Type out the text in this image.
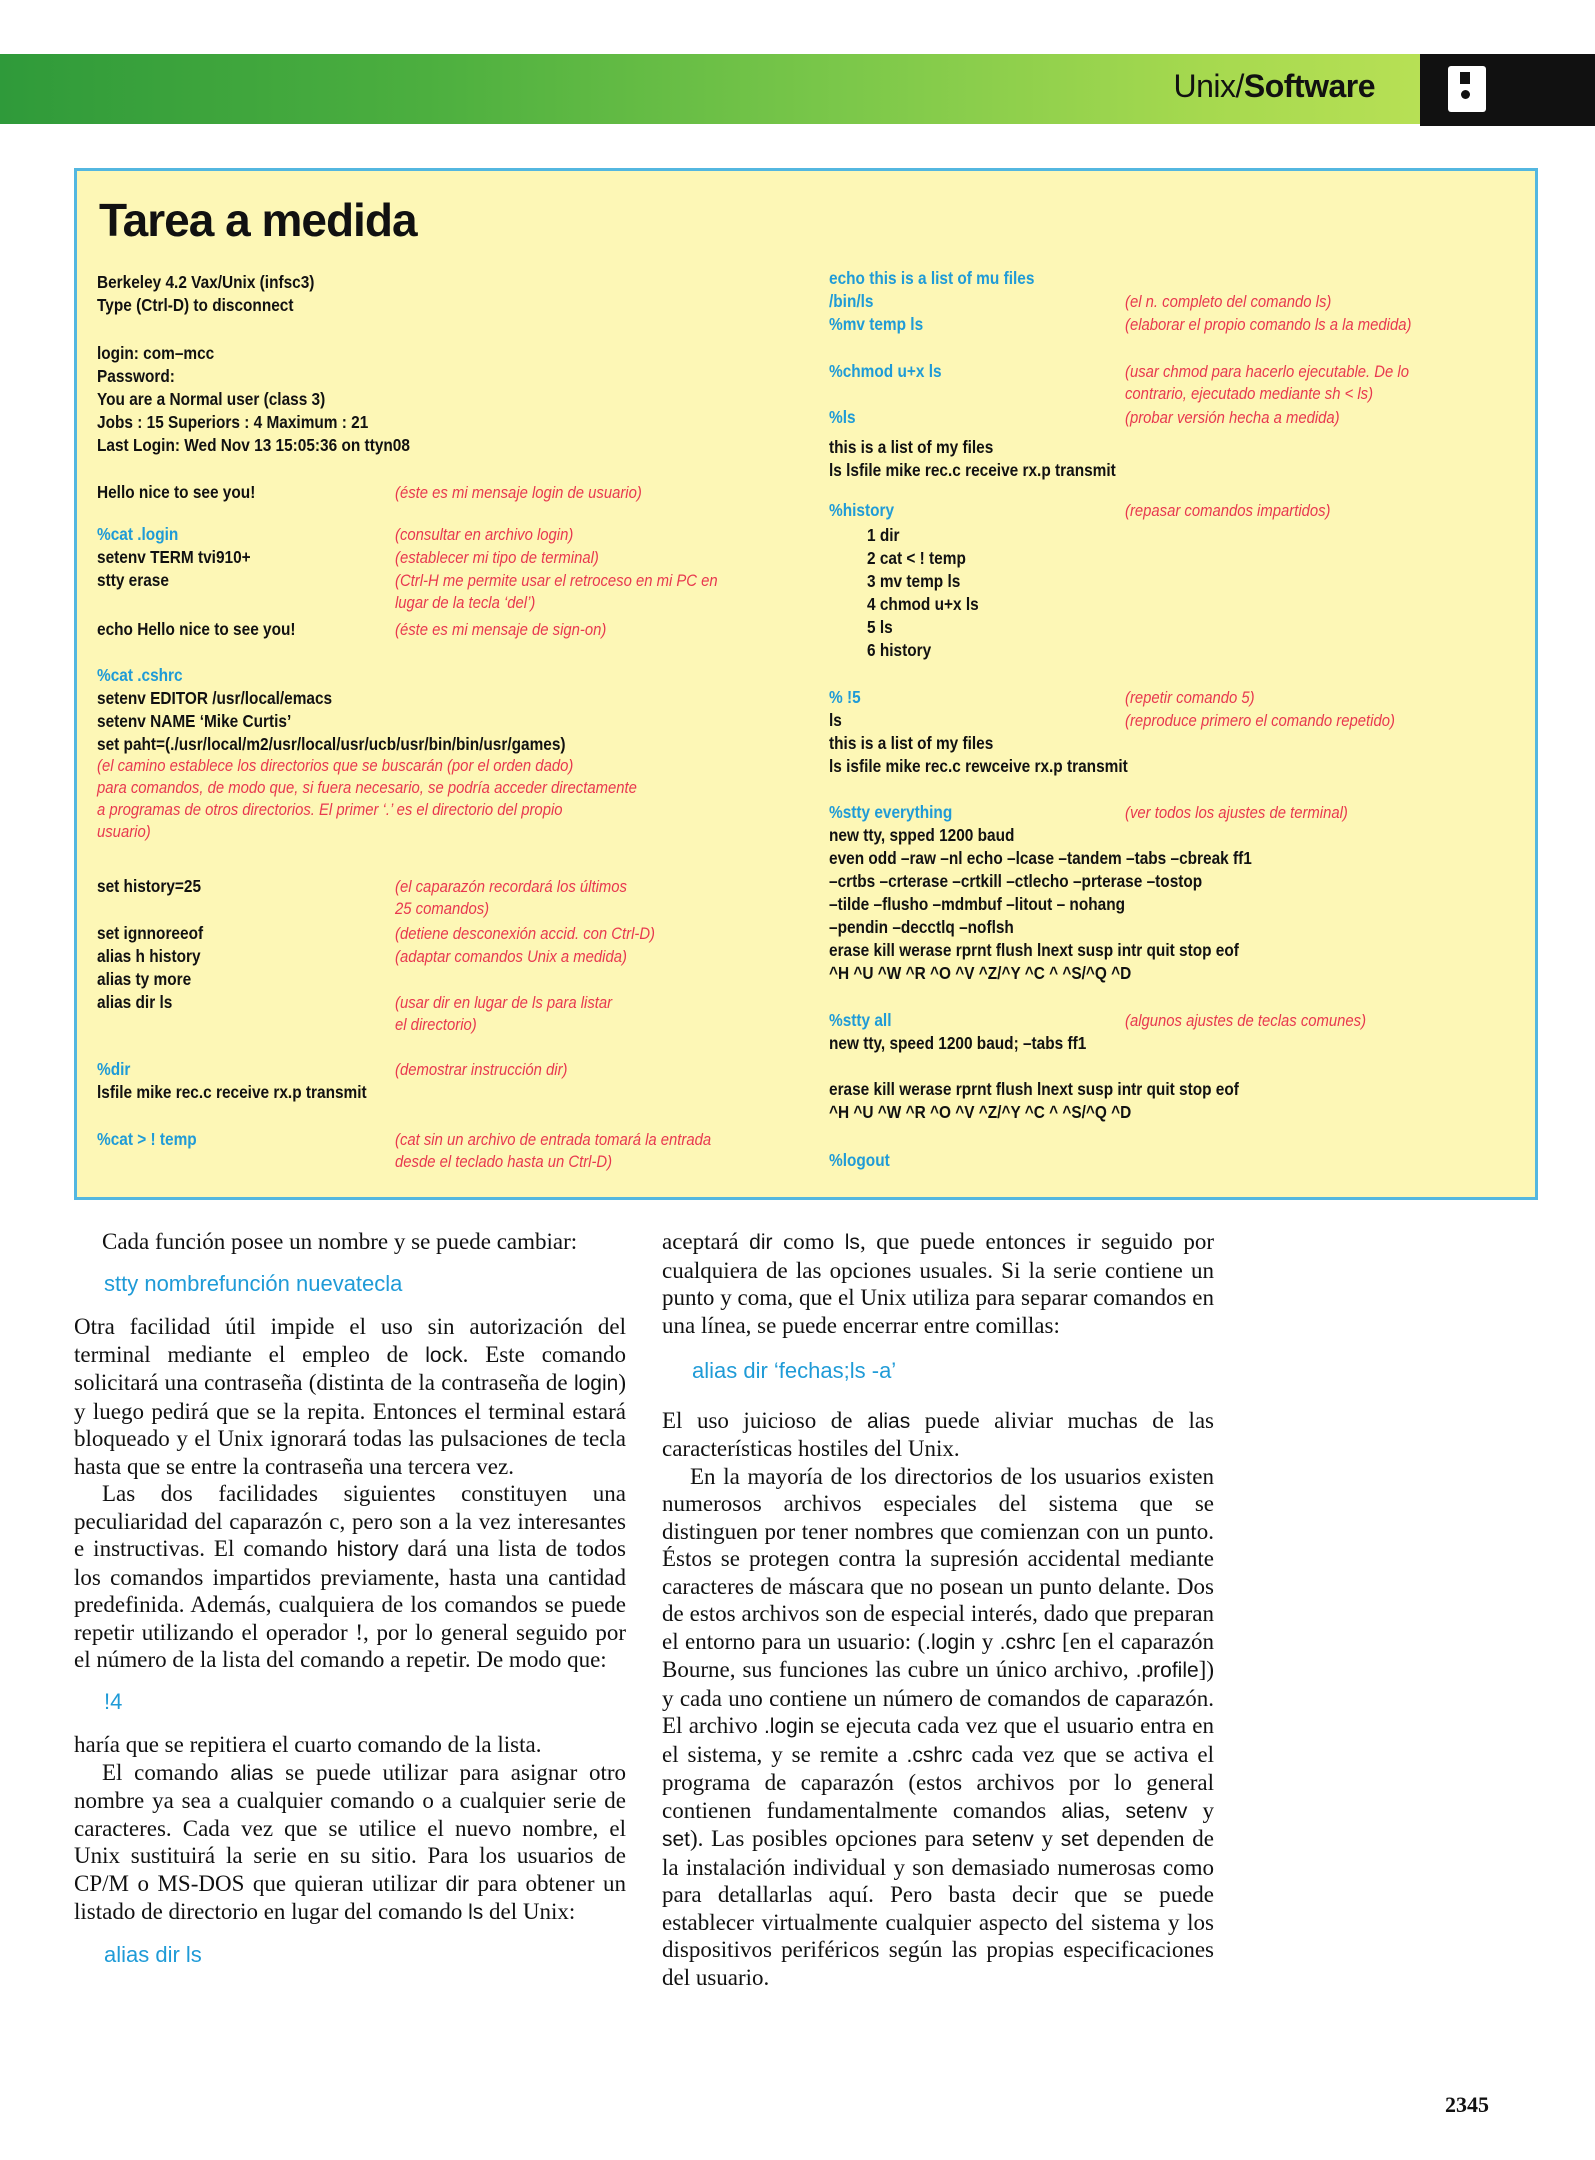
Unix/Software
Tarea a medida
Berkeley 4.2 Vax/Unix (infsc3)
Type (Ctrl-D) to disconnect
login: com–mcc
Password:
You are a Normal user (class 3)
Jobs : 15 Superiors : 4 Maximum : 21
Last Login: Wed Nov 13 15:05:36 on ttyn08
Hello nice to see you!	(éste es mi mensaje login de usuario)
%cat .login	(consultar en archivo login)
setenv TERM tvi910+	(establecer mi tipo de terminal)
stty erase	(Ctrl-H me permite usar el retroceso en mi PC en
lugar de la tecla ‘del’)
echo Hello nice to see you!	(éste es mi mensaje de sign-on)
%cat .cshrc
setenv EDITOR /usr/local/emacs
setenv NAME ‘Mike Curtis’
set paht=(./usr/local/m2/usr/local/usr/ucb/usr/bin/bin/usr/games)
(el camino establece los directorios que se buscarán (por el orden dado)
para comandos, de modo que, si fuera necesario, se podría acceder directamente
a programas de otros directorios. El primer ‘.’ es el directorio del propio
usuario)
set history=25	(el caparazón recordará los últimos
25 comandos)
set ignnoreeof	(detiene desconexión accid. con Ctrl-D)
alias h history	(adaptar comandos Unix a medida)
alias ty more
alias dir ls	(usar dir en lugar de ls para listar
el directorio)
%dir	(demostrar instrucción dir)
lsfile mike rec.c receive rx.p transmit
%cat > ! temp	(cat sin un archivo de entrada tomará la entrada
desde el teclado hasta un Ctrl-D)
echo this is a list of mu files
/bin/ls	(el n. completo del comando ls)
%mv temp ls	(elaborar el propio comando ls a la medida)
%chmod u+x ls	(usar chmod para hacerlo ejecutable. De lo
contrario, ejecutado mediante sh < ls)
%ls	(probar versión hecha a medida)
this is a list of my files
ls lsfile mike rec.c receive rx.p transmit
%history	(repasar comandos impartidos)
1 dir
2 cat < ! temp
3 mv temp ls
4 chmod u+x ls
5 ls
6 history
% !5	(repetir comando 5)
ls	(reproduce primero el comando repetido)
this is a list of my files
ls isfile mike rec.c rewceive rx.p transmit
%stty everything	(ver todos los ajustes de terminal)
new tty, spped 1200 baud
even odd –raw –nl echo –lcase –tandem –tabs –cbreak ff1
–crtbs –crterase –crtkill –ctlecho –prterase –tostop
–tilde –flusho –mdmbuf –litout – nohang
–pendin –decctlq –noflsh
erase kill werase rprnt flush lnext susp intr quit stop eof
^H ^U ^W ^R ^O ^V ^Z/^Y ^C ^ ^S/^Q ^D
%stty all	(algunos ajustes de teclas comunes)
new tty, speed 1200 baud; –tabs ff1
erase kill werase rprnt flush lnext susp intr quit stop eof
^H ^U ^W ^R ^O ^V ^Z/^Y ^C ^ ^S/^Q ^D
%logout

Cada función posee un nombre y se puede cambiar:

stty nombrefunción nuevatecla

Otra facilidad útil impide el uso sin autorización del terminal mediante el empleo de lock. Este comando solicitará una contraseña (distinta de la contraseña de login) y luego pedirá que se la repita. Entonces el terminal estará bloqueado y el Unix ignorará todas las pulsaciones de tecla hasta que se entre la contraseña una tercera vez.

Las dos facilidades siguientes constituyen una peculiaridad del caparazón c, pero son a la vez interesantes e instructivas. El comando history dará una lista de todos los comandos impartidos previamente, hasta una cantidad predefinida. Además, cualquiera de los comandos se puede repetir utilizando el operador !, por lo general seguido por el número de la lista del comando a repetir. De modo que:

!4

haría que se repitiera el cuarto comando de la lista.

El comando alias se puede utilizar para asignar otro nombre ya sea a cualquier comando o a cualquier serie de caracteres. Cada vez que se utilice el nuevo nombre, el Unix sustituirá la serie en su sitio. Para los usuarios de CP/M o MS-DOS que quieran utilizar dir para obtener un listado de directorio en lugar del comando ls del Unix:

alias dir ls

aceptará dir como ls, que puede entonces ir seguido por cualquiera de las opciones usuales. Si la serie contiene un punto y coma, que el Unix utiliza para separar comandos en una línea, se puede encerrar entre comillas:

alias dir ‘fechas;ls -a’

El uso juicioso de alias puede aliviar muchas de las características hostiles del Unix.

En la mayoría de los directorios de los usuarios existen numerosos archivos especiales del sistema que se distinguen por tener nombres que comienzan con un punto. Éstos se protegen contra la supresión accidental mediante caracteres de máscara que no posean un punto delante. Dos de estos archivos son de especial interés, dado que preparan el entorno para un usuario: (.login y .cshrc [en el caparazón Bourne, sus funciones las cubre un único archivo, .profile]) y cada uno contiene un número de comandos de caparazón. El archivo .login se ejecuta cada vez que el usuario entra en el sistema, y se remite a .cshrc cada vez que se activa el programa de caparazón (estos archivos por lo general contienen fundamentalmente comandos alias, setenv y set). Las posibles opciones para setenv y set dependen de la instalación individual y son demasiado numerosas como para detallarlas aquí. Pero basta decir que se puede establecer virtualmente cualquier aspecto del sistema y los dispositivos periféricos según las propias especificaciones del usuario.

2345
